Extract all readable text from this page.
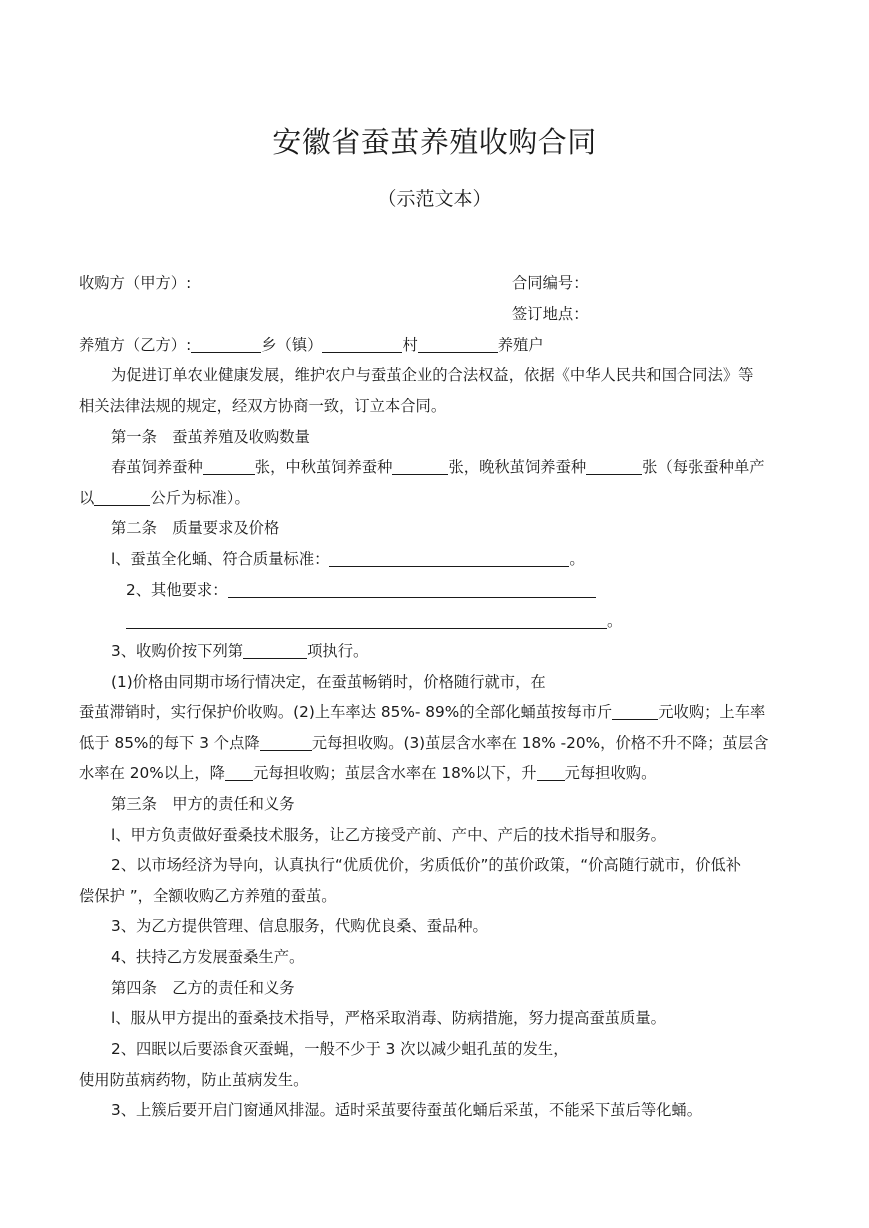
安徽省蚕茧养殖收购合同
（示范文本）
收购方（甲方）:	合同编号：
签订地点：
养殖方（乙方）:	乡（镇）	村	养殖户
为促进订单农业健康发展，维护农户与蚕茧企业的合法权益，依据《中华人民共和国合同法》等
相关法律法规的规定，经双方协商一致，订立本合同。
第一条　蚕茧养殖及收购数量
春茧饲养蚕种	张，中秋茧饲养蚕种	张，晚秋茧饲养蚕种	张（每张蚕种单产
以	公斤为标准）。
第二条　质量要求及价格
l、蚕茧全化蛹、符合质量标准：	。
2、其他要求：
。
3、收购价按下列第	项执行。
(1)价格由同期市场行情决定，在蚕茧畅销时，价格随行就市，在
蚕茧滞销时，实行保护价收购。(2)上车率达 85%- 89%的全部化蛹茧按每市斤	元收购；上车率
低于 85%的每下 3 个点降	元每担收购。(3)茧层含水率在 18% -20%，价格不升不降；茧层含
水率在 20%以上，降 元每担收购；茧层含水率在 18%以下，升 元每担收购。
第三条　甲方的责任和义务
l、甲方负责做好蚕桑技术服务，让乙方接受产前、产中、产后的技术指导和服务。
2、以市场经济为导向，认真执行“优质优价，劣质低价”的茧价政策，“价高随行就市，价低补
偿保护 ”，全额收购乙方养殖的蚕茧。
3、为乙方提供管理、信息服务，代购优良桑、蚕品种。
4、扶持乙方发展蚕桑生产。
第四条　乙方的责任和义务
l、服从甲方提出的蚕桑技术指导，严格采取消毒、防病措施，努力提高蚕茧质量。
2、四眠以后要添食灭蚕蝇，一般不少于 3 次以减少蛆孔茧的发生，
使用防茧病药物，防止茧病发生。
3、上簇后要开启门窗通风排湿。适时采茧要待蚕茧化蛹后采茧，不能采下茧后等化蛹。
